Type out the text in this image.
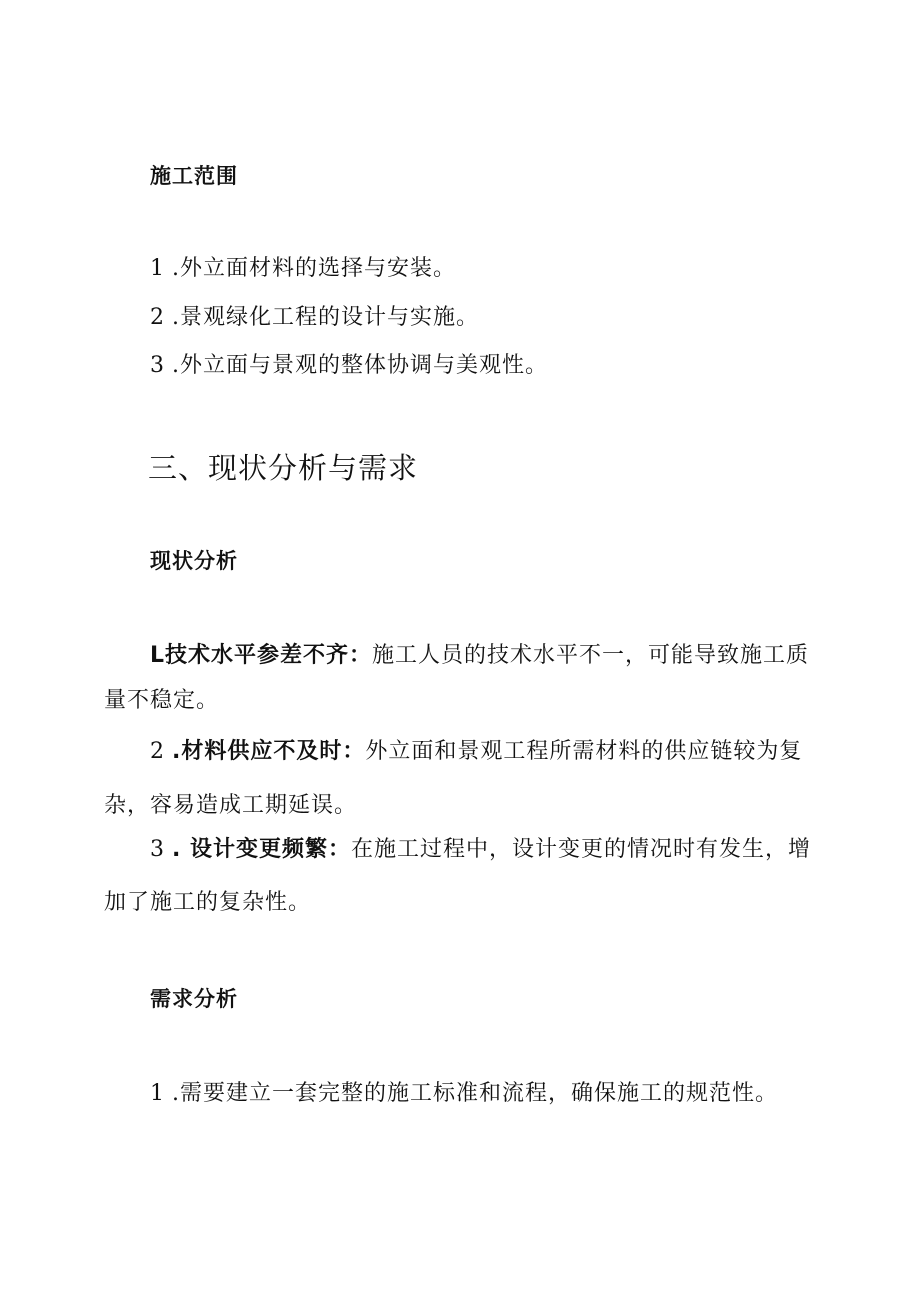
施工范围
1 .外立面材料的选择与安装。
2 .景观绿化工程的设计与实施。
3 .外立面与景观的整体协调与美观性。
三、现状分析与需求
现状分析
L技术水平参差不齐：施工人员的技术水平不一，可能导致施工质
量不稳定。
2 .材料供应不及时：外立面和景观工程所需材料的供应链较为复
杂，容易造成工期延误。
3 . 设计变更频繁：在施工过程中，设计变更的情况时有发生，增
加了施工的复杂性。
需求分析
1 .需要建立一套完整的施工标准和流程，确保施工的规范性。
